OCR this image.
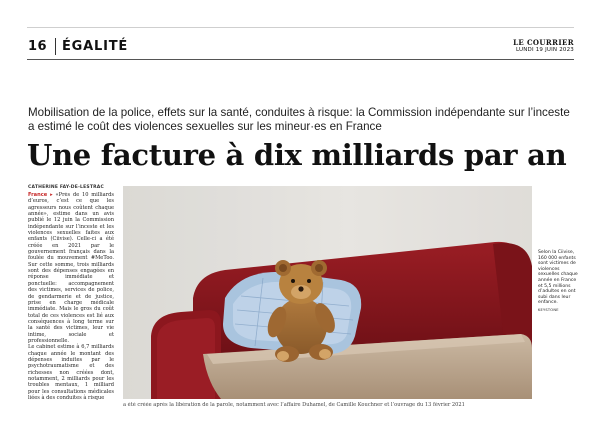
16 ÉGALITÉ	LE COURRIER
LUNDI 19 JUIN 2023
Mobilisation de la police, effets sur la santé, conduites à risque: la Commission indépendante sur l’inceste a estimé le coût des violences sexuelles sur les mineur·es en France
Une facture à dix milliards par an
CATHERINE FAY-DE-LESTRAC
France ▸ «Près de 10 milliards d’euros, c’est ce que les agresseurs nous coûtent chaque année», estime dans un avis publié le 12 juin la Commission indépendante sur l’inceste et les violences sexuelles faites aux enfants (Ciivise). Celle-ci a été créée en 2021 par le gouvernement français dans la foulée du mouvement #MeToo. Sur cette somme, trois milliards sont des dépenses engagées en réponse immédiate et ponctuelle: accompagnement des victimes, services de police, de gendarmerie et de justice, prise en charge médicale immédiate. Mais le gros du coût total de ces violences est lié aux conséquences à long terme sur la santé des victimes, leur vie intime, sociale et professionnelle.
Le cabinet estime à 6,7 milliards chaque année le montant des dépenses induites par le psychotraumatisme et des richesses non créées dont, notamment, 2 milliards pour les troubles mentaux, 1 milliard pour les consultations médicales liées à des conduites à risque
Selon la Ciivise, 160 000 enfants sont victimes de violences sexuelles chaque année en France et 5,5 millions d’adultes en ont subi dans leur enfance.
KEYSTONE
a été créée après la libération de la parole, notamment avec l’affaire Duhamel, de Camille Kouchner et l’ouvrage du 13 février 2021
